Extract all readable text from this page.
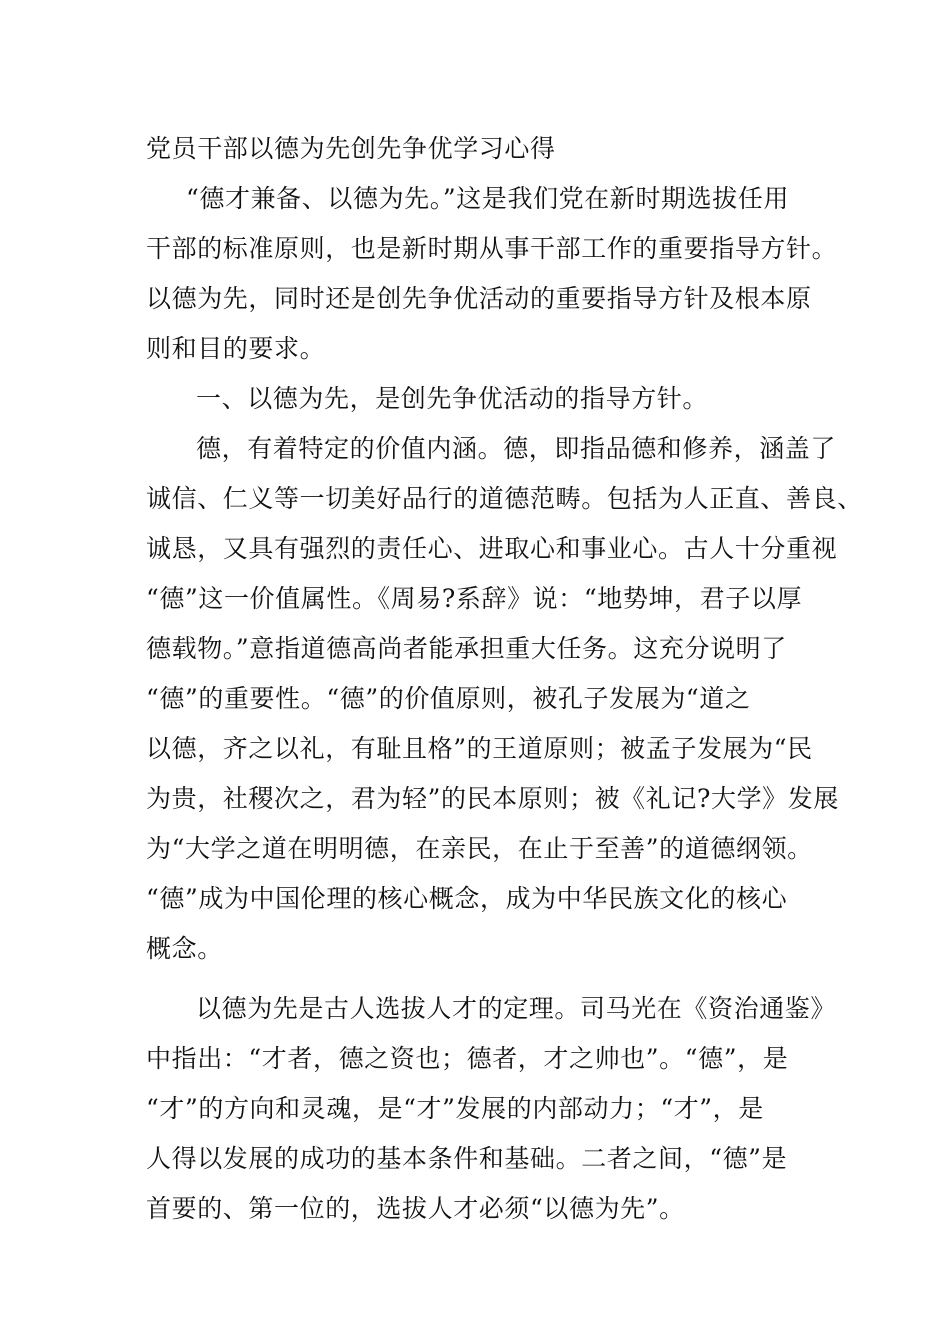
党员干部以德为先创先争优学习心得
“德才兼备、以德为先。”这是我们党在新时期选拔任用
干部的标准原则，也是新时期从事干部工作的重要指导方针。
以德为先，同时还是创先争优活动的重要指导方针及根本原
则和目的要求。
一、以德为先，是创先争优活动的指导方针。
德，有着特定的价值内涵。德，即指品德和修养，涵盖了
诚信、仁义等一切美好品行的道德范畴。包括为人正直、善良、
诚恳，又具有强烈的责任心、进取心和事业心。古人十分重视
“德”这一价值属性。《周易?系辞》说：“地势坤，君子以厚
德载物。”意指道德高尚者能承担重大任务。这充分说明了
“德”的重要性。“德”的价值原则，被孔子发展为“道之
以德，齐之以礼，有耻且格”的王道原则；被孟子发展为“民
为贵，社稷次之，君为轻”的民本原则；被《礼记?大学》发展
为“大学之道在明明德，在亲民，在止于至善”的道德纲领。
“德”成为中国伦理的核心概念，成为中华民族文化的核心
概念。
以德为先是古人选拔人才的定理。司马光在《资治通鉴》
中指出：“才者，德之资也；德者，才之帅也”。“德”，是
“才”的方向和灵魂，是“才”发展的内部动力；“才”，是
人得以发展的成功的基本条件和基础。二者之间，“德”是
首要的、第一位的，选拔人才必须“以德为先”。
